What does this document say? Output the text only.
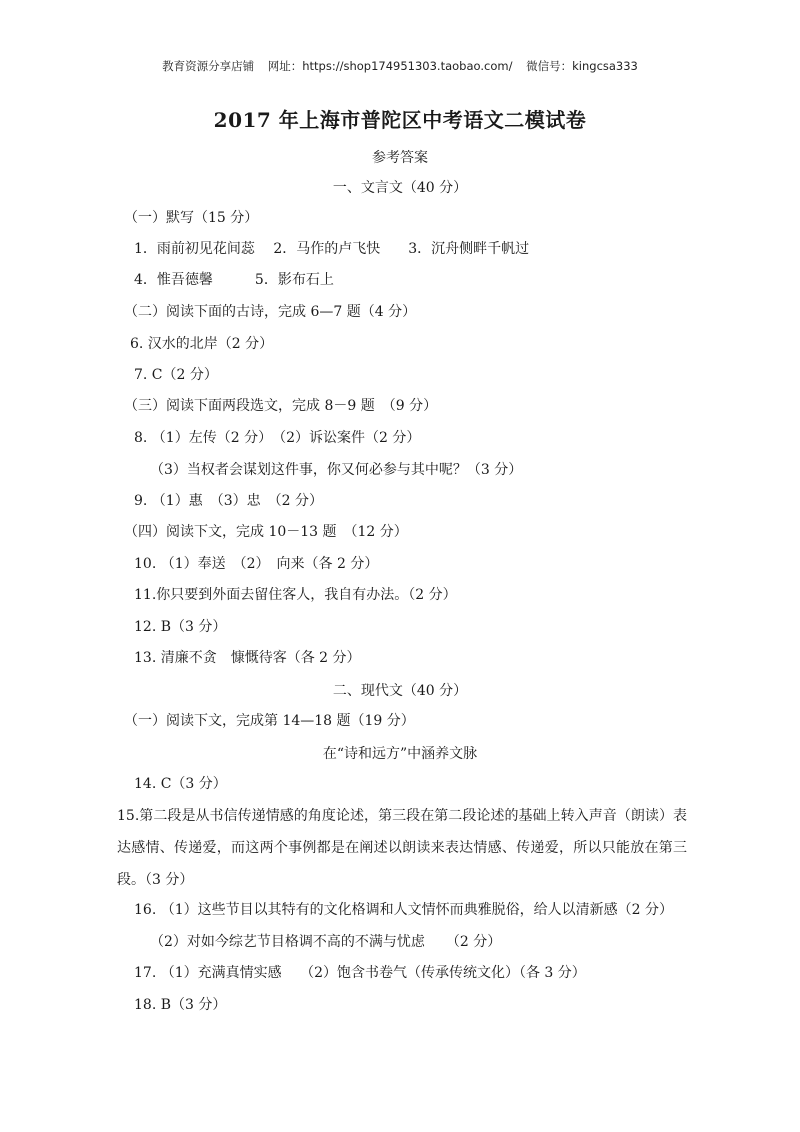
教育资源分享店铺 网址：https://shop174951303.taobao.com/ 微信号：kingcsa333
2017 年上海市普陀区中考语文二模试卷
参考答案
一、文言文（40 分）
（一）默写（15 分）
1．雨前初见花间蕊　 2．马作的卢飞快　　3．沉舟侧畔千帆过
4．惟吾德馨　　　5．影布石上
（二）阅读下面的古诗，完成 6—7 题（4 分）
6. 汉水的北岸（2 分）
7. C（2 分）
（三）阅读下面两段选文，完成 8－9 题　（9 分）
8. （1）左传（2 分）　（2）诉讼案件（2 分）
（3）当权者会谋划这件事，你又何必参与其中呢？（3 分）
9. （1）惠　（3）忠　（2 分）
（四）阅读下文，完成 10－13 题　（12 分）
10. （1）奉送　（2）　向来（各 2 分）
11.你只要到外面去留住客人，我自有办法。（2 分）
12. B（3 分）
13. 清廉不贪　慷慨待客（各 2 分）
二、现代文（40 分）
（一）阅读下文，完成第 14—18 题（19 分）
在“诗和远方”中涵养文脉
14. C（3 分）
15.第二段是从书信传递情感的角度论述，第三段在第二段论述的基础上转入声音（朗读）表达感情、传递爱，而这两个事例都是在阐述以朗读来表达情感、传递爱，所以只能放在第三段。（3 分）
16. （1）这些节目以其特有的文化格调和人文情怀而典雅脱俗，给人以清新感（2 分）
（2）对如今综艺节目格调不高的不满与忧虑　　（2 分）
17. （1）充满真情实感　 （2）饱含书卷气（传承传统文化）（各 3 分）
18. B（3 分）
